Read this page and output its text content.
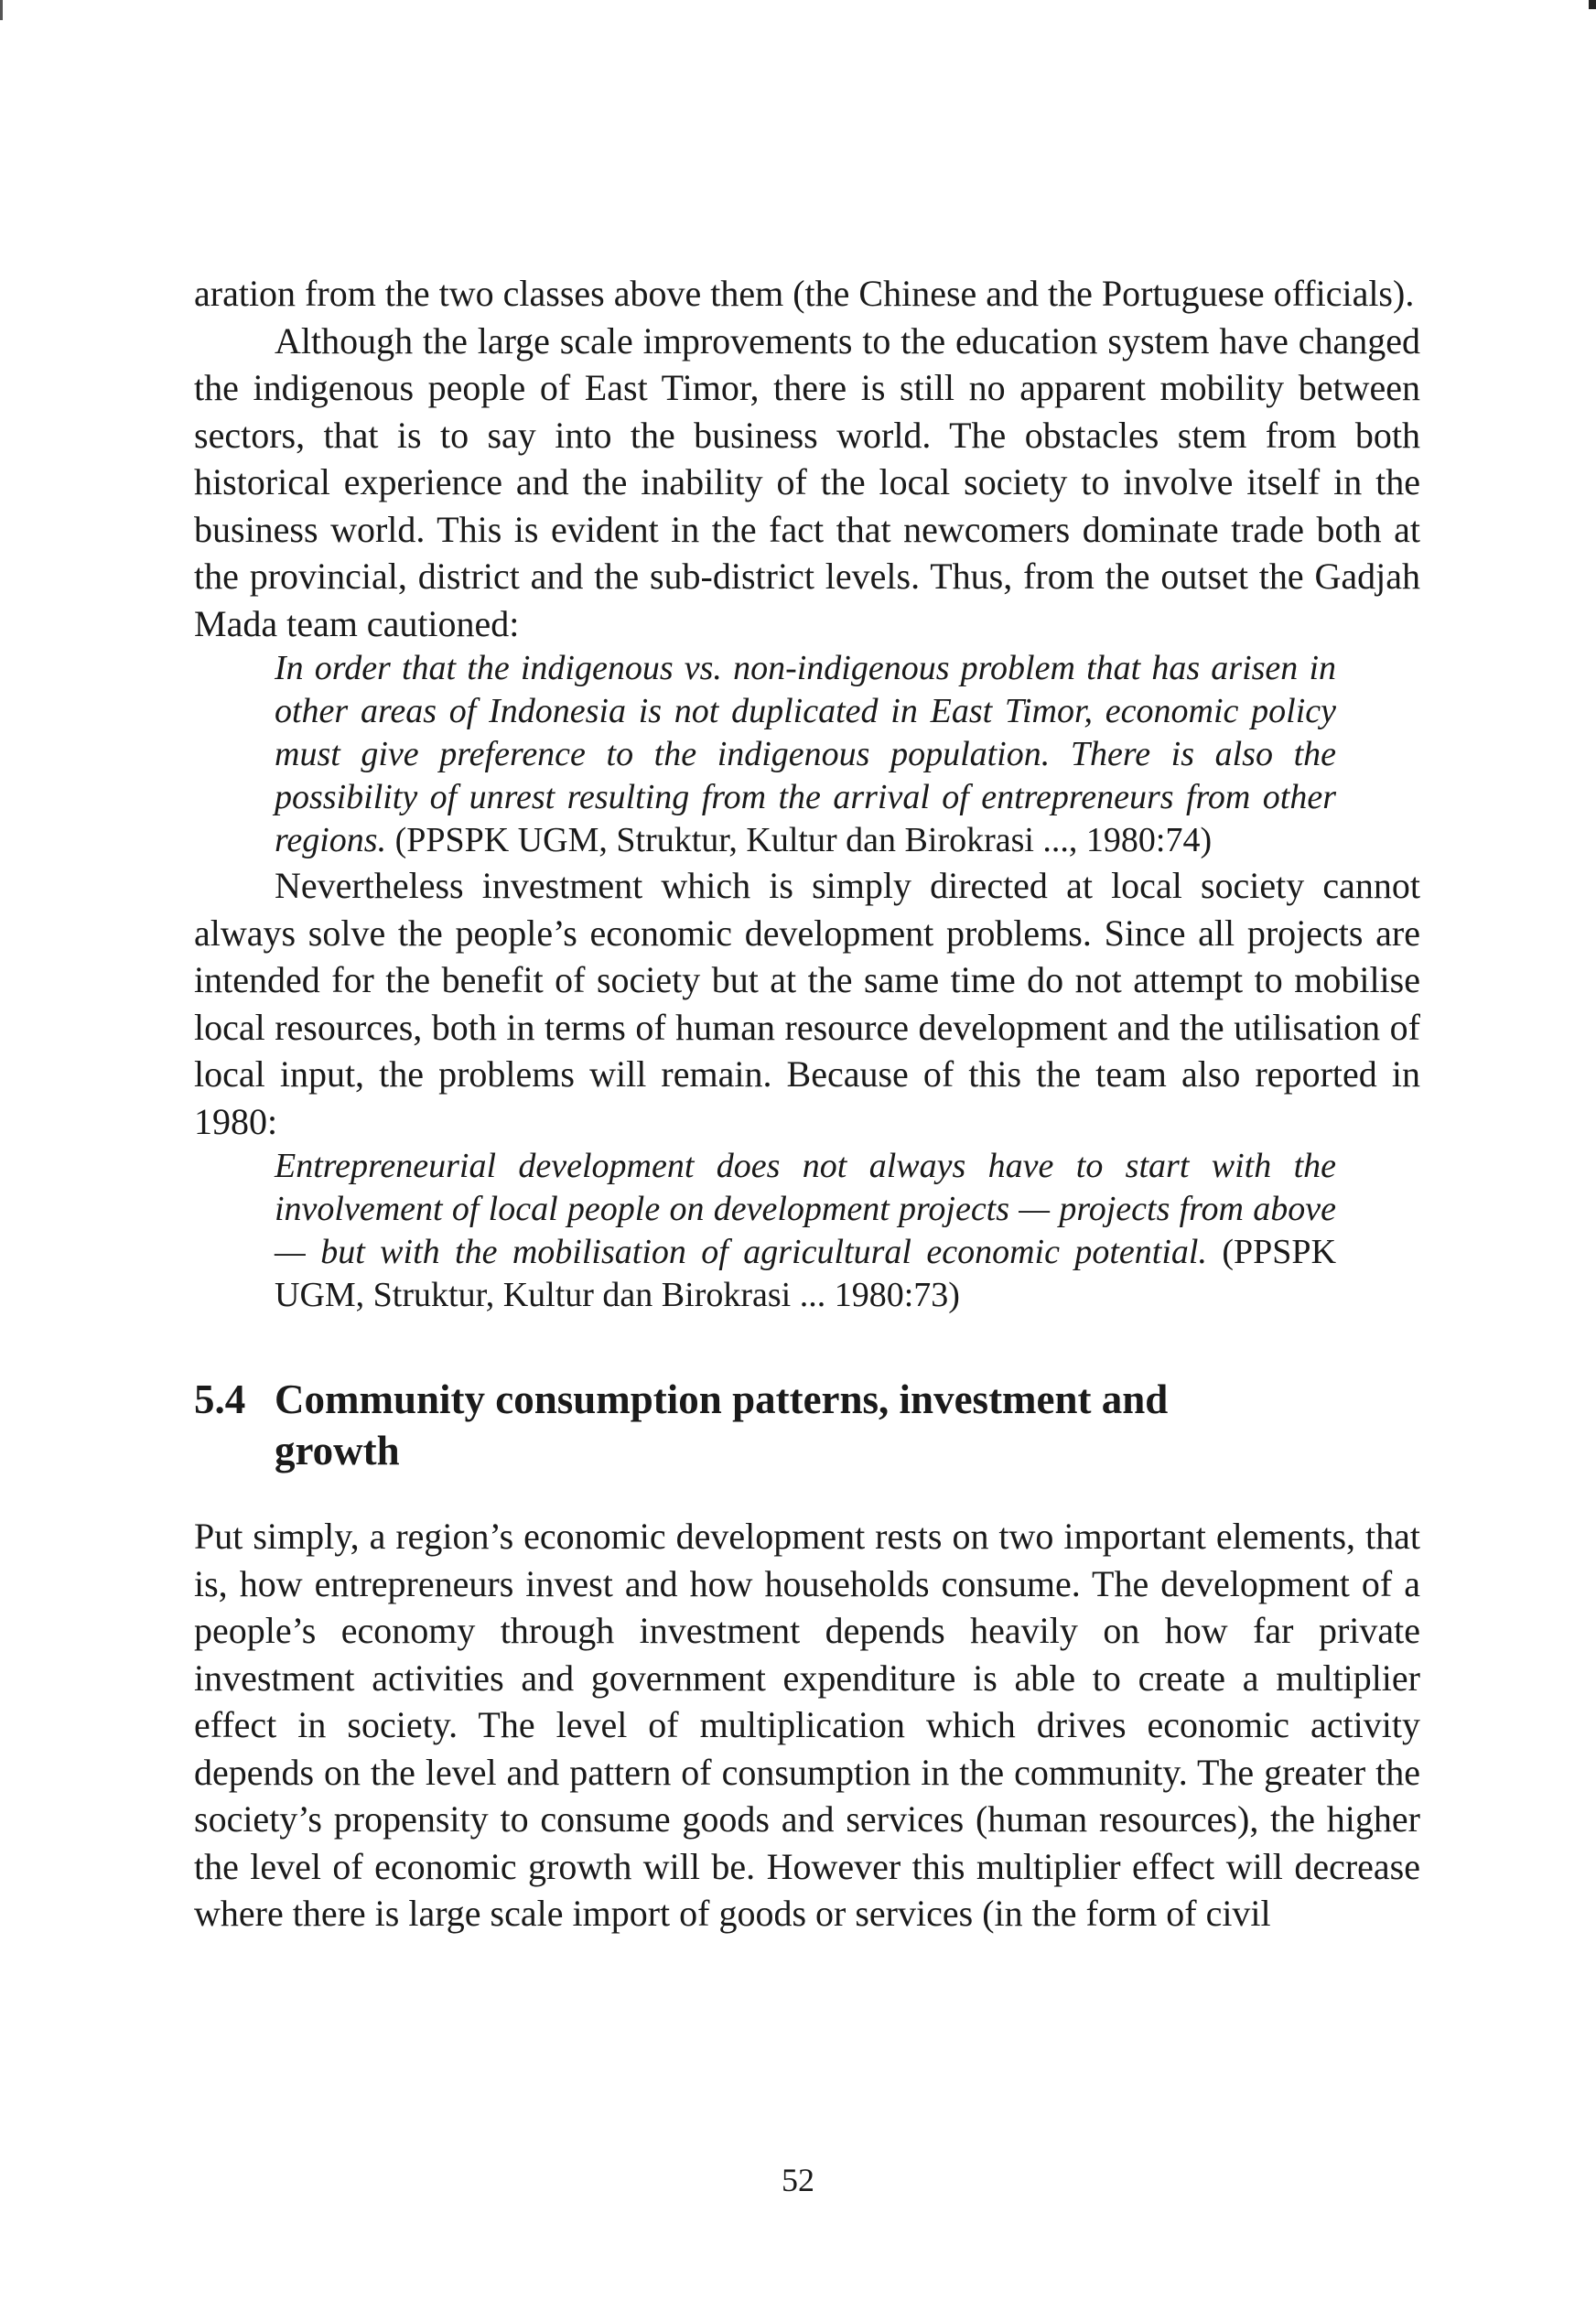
aration from the two classes above them (the Chinese and the Portuguese officials).

Although the large scale improvements to the education system have changed the indigenous people of East Timor, there is still no apparent mobility between sectors, that is to say into the business world. The obstacles stem from both historical experience and the inability of the local society to involve itself in the business world. This is evident in the fact that newcomers dominate trade both at the provincial, district and the sub-district levels. Thus, from the outset the Gadjah Mada team cautioned:

In order that the indigenous vs. non-indigenous problem that has arisen in other areas of Indonesia is not duplicated in East Timor, economic policy must give preference to the indigenous population. There is also the possibility of unrest resulting from the arrival of entrepreneurs from other regions. (PPSPK UGM, Struktur, Kultur dan Birokrasi ..., 1980:74)

Nevertheless investment which is simply directed at local society cannot always solve the people’s economic development problems. Since all projects are intended for the benefit of society but at the same time do not attempt to mobilise local resources, both in terms of human resource development and the utilisation of local input, the problems will remain. Because of this the team also reported in 1980:

Entrepreneurial development does not always have to start with the involvement of local people on development projects — projects from above — but with the mobilisation of agricultural economic potential. (PPSPK UGM, Struktur, Kultur dan Birokrasi ... 1980:73)
5.4 Community consumption patterns, investment and growth

Put simply, a region’s economic development rests on two important elements, that is, how entrepreneurs invest and how households consume. The development of a people’s economy through investment depends heavily on how far private investment activities and government expenditure is able to create a multiplier effect in society. The level of multiplication which drives economic activity depends on the level and pattern of consumption in the community. The greater the society’s propensity to consume goods and services (human resources), the higher the level of economic growth will be. However this multiplier effect will decrease where there is large scale import of goods or services (in the form of civil

52
